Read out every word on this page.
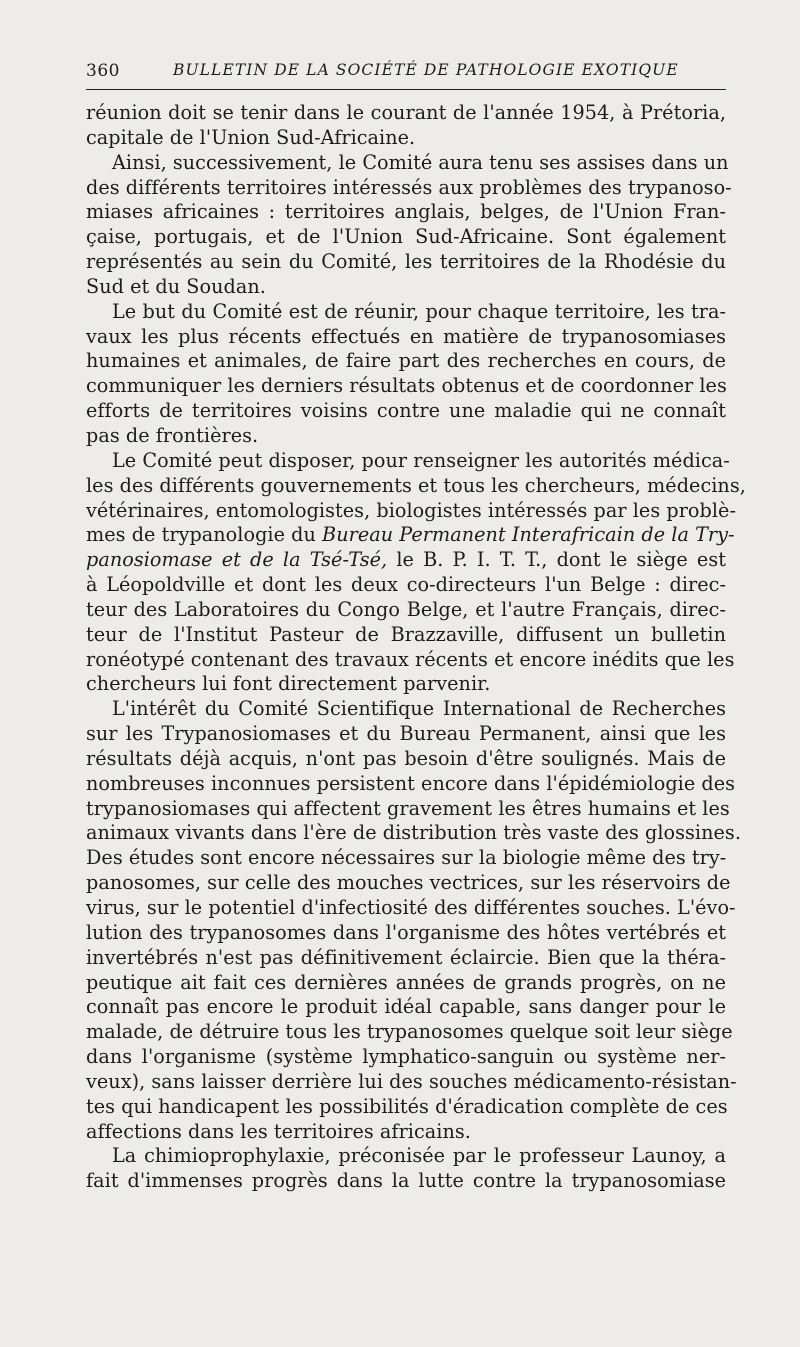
360	BULLETIN DE LA SOCIÉTÉ DE PATHOLOGIE EXOTIQUE
réunion doit se tenir dans le courant de l'année 1954, à Prétoria,
capitale de l'Union Sud-Africaine.
Ainsi, successivement, le Comité aura tenu ses assises dans un
des différents territoires intéressés aux problèmes des trypanoso-
miases africaines : territoires anglais, belges, de l'Union Fran-
çaise, portugais, et de l'Union Sud-Africaine. Sont également
représentés au sein du Comité, les territoires de la Rhodésie du
Sud et du Soudan.
Le but du Comité est de réunir, pour chaque territoire, les tra-
vaux les plus récents effectués en matière de trypanosomiases
humaines et animales, de faire part des recherches en cours, de
communiquer les derniers résultats obtenus et de coordonner les
efforts de territoires voisins contre une maladie qui ne connaît
pas de frontières.
Le Comité peut disposer, pour renseigner les autorités médica-
les des différents gouvernements et tous les chercheurs, médecins,
vétérinaires, entomologistes, biologistes intéressés par les problè-
mes de trypanologie du Bureau Permanent Interafricain de la Try-
panosiomase et de la Tsé-Tsé, le B. P. I. T. T., dont le siège est
à Léopoldville et dont les deux co-directeurs l'un Belge : direc-
teur des Laboratoires du Congo Belge, et l'autre Français, direc-
teur de l'Institut Pasteur de Brazzaville, diffusent un bulletin
ronéotypé contenant des travaux récents et encore inédits que les
chercheurs lui font directement parvenir.
L'intérêt du Comité Scientifique International de Recherches
sur les Trypanosiomases et du Bureau Permanent, ainsi que les
résultats déjà acquis, n'ont pas besoin d'être soulignés. Mais de
nombreuses inconnues persistent encore dans l'épidémiologie des
trypanosiomases qui affectent gravement les êtres humains et les
animaux vivants dans l'ère de distribution très vaste des glossines.
Des études sont encore nécessaires sur la biologie même des try-
panosomes, sur celle des mouches vectrices, sur les réservoirs de
virus, sur le potentiel d'infectiosité des différentes souches. L'évo-
lution des trypanosomes dans l'organisme des hôtes vertébrés et
invertébrés n'est pas définitivement éclaircie. Bien que la théra-
peutique ait fait ces dernières années de grands progrès, on ne
connaît pas encore le produit idéal capable, sans danger pour le
malade, de détruire tous les trypanosomes quelque soit leur siège
dans l'organisme (système lymphatico-sanguin ou système ner-
veux), sans laisser derrière lui des souches médicamento-résistan-
tes qui handicapent les possibilités d'éradication complète de ces
affections dans les territoires africains.
La chimioprophylaxie, préconisée par le professeur Launoy, a
fait d'immenses progrès dans la lutte contre la trypanosomiase
